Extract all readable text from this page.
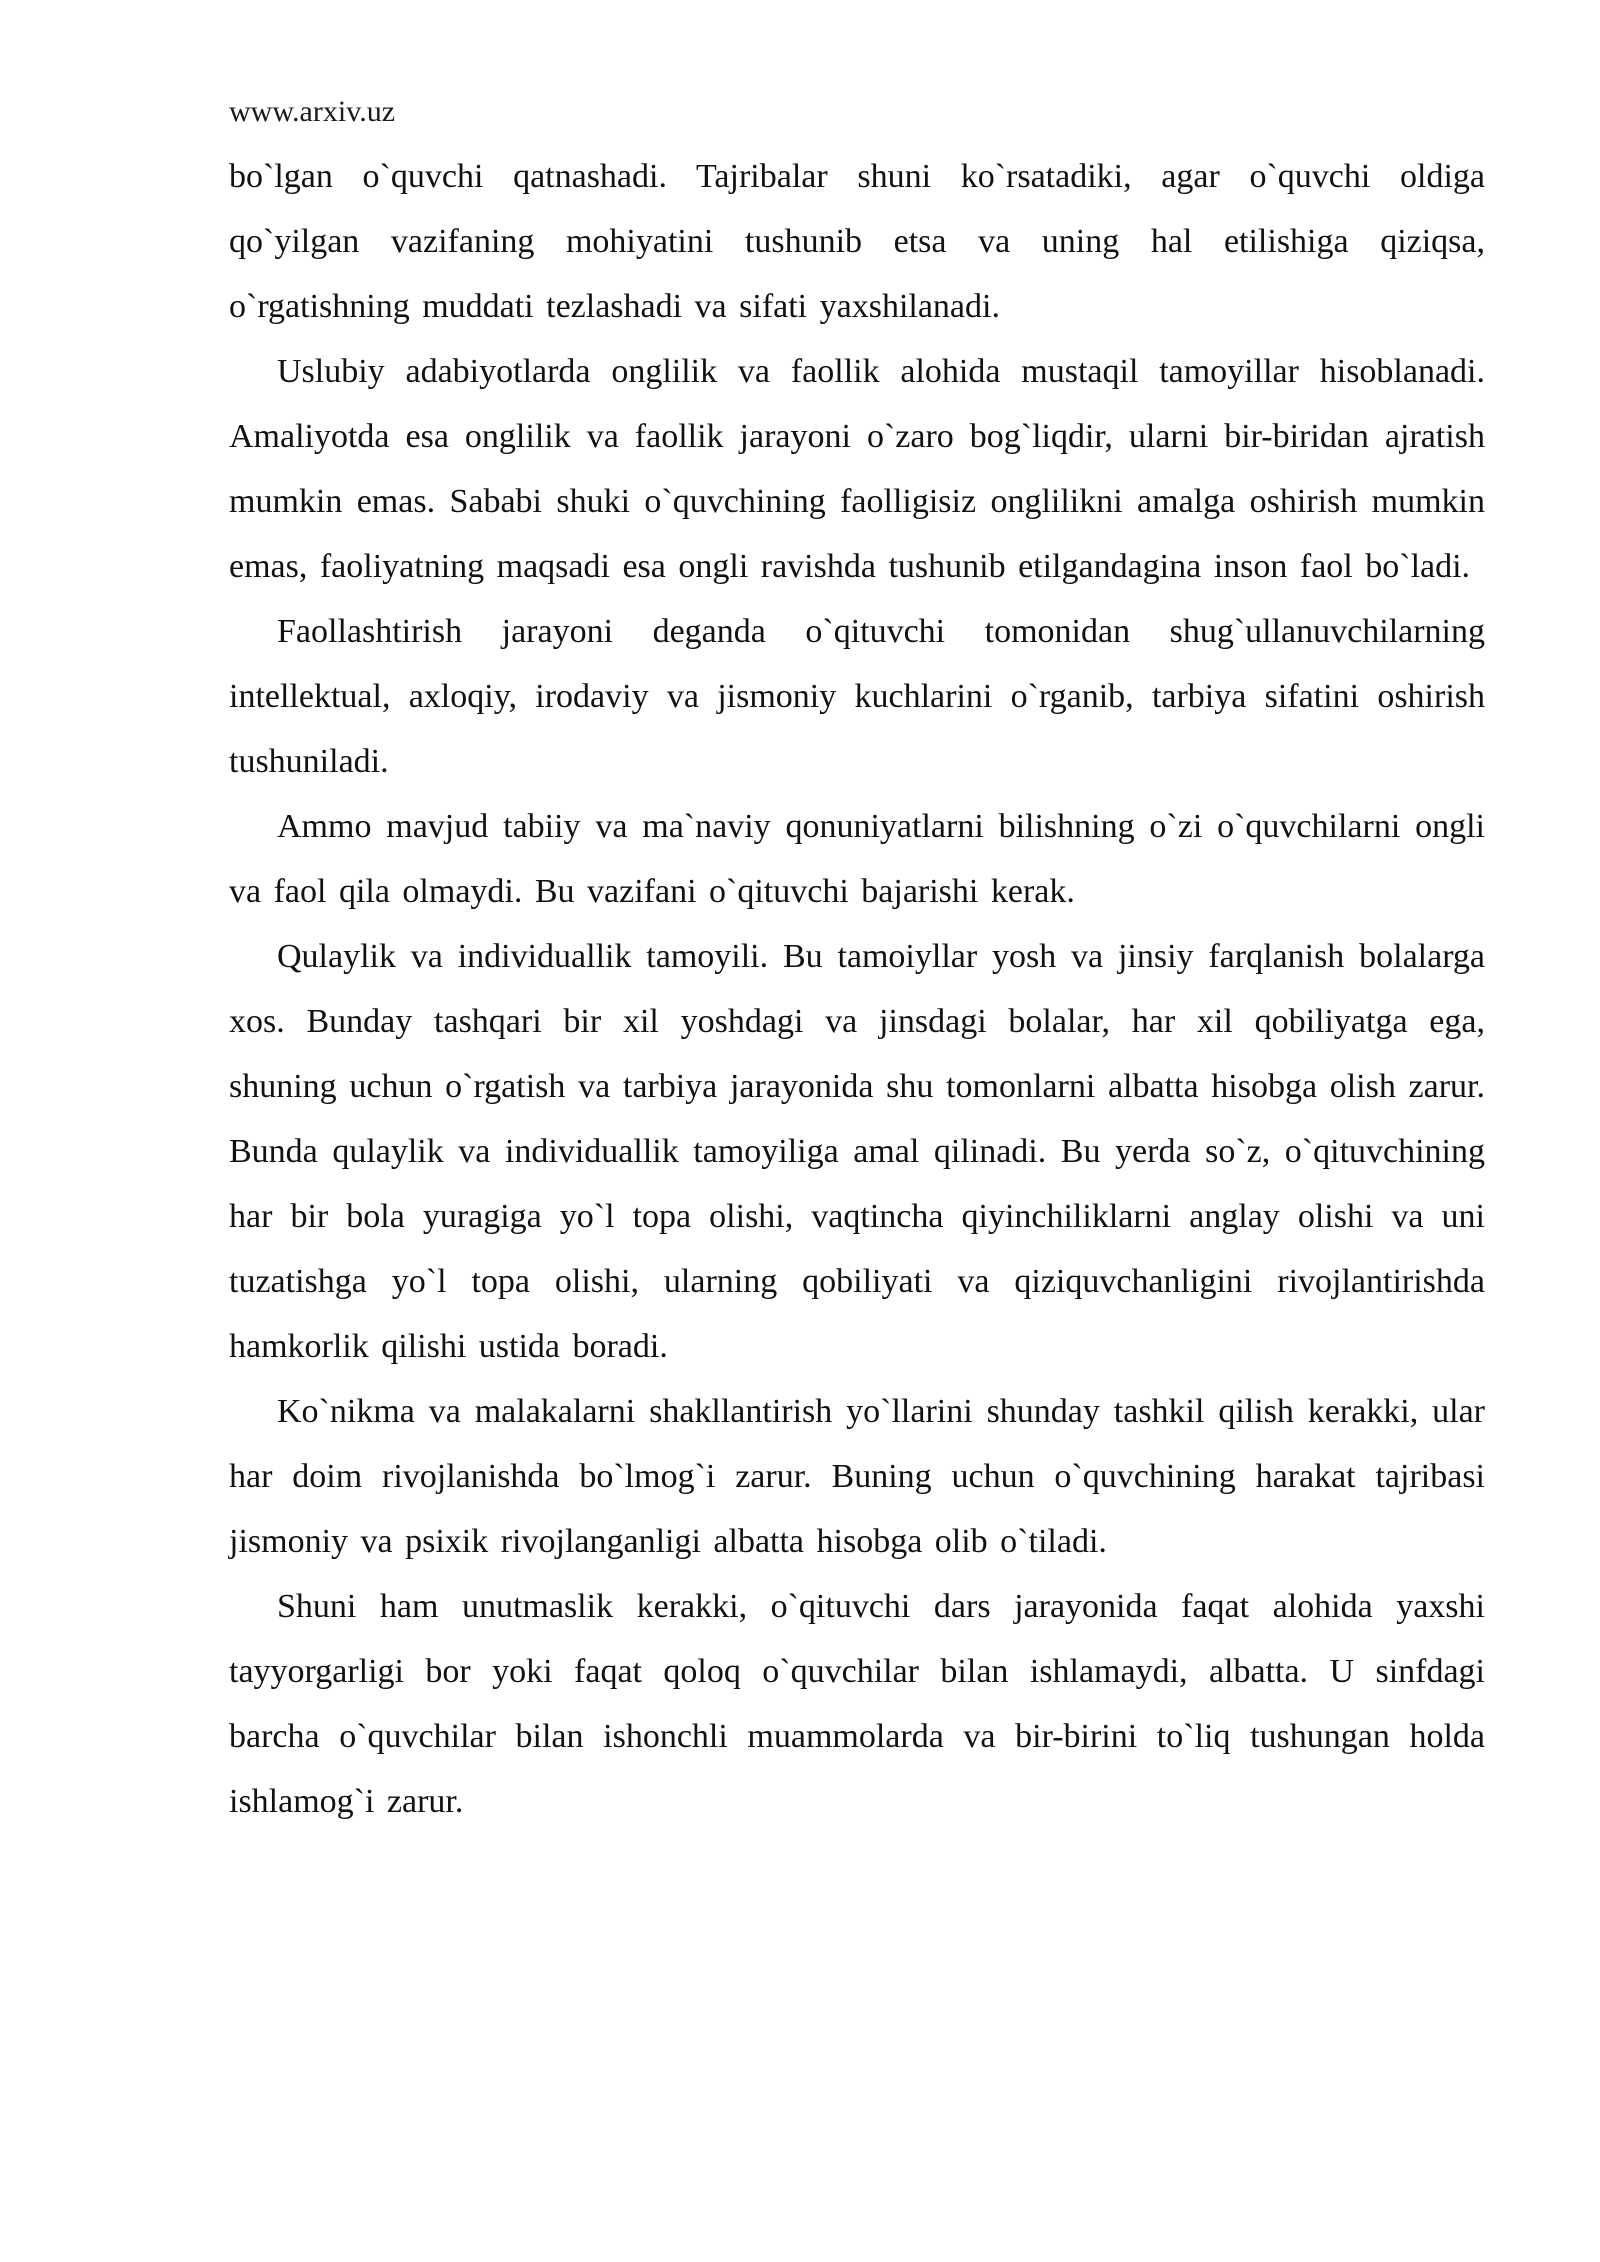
www.arxiv.uz

bo`lgan o`quvchi qatnashadi. Tajribalar shuni ko`rsatadiki, agar o`quvchi oldiga qo`yilgan vazifaning mohiyatini tushunib etsa va uning hal etilishiga qiziqsa, o`rgatishning muddati tezlashadi va sifati yaxshilanadi.

Uslubiy adabiyotlarda onglilik va faollik alohida mustaqil tamoyillar hisoblanadi. Amaliyotda esa onglilik va faollik jarayoni o`zaro bog`liqdir, ularni bir-biridan ajratish mumkin emas. Sababi shuki o`quvchining faolligisiz onglilikni amalga oshirish mumkin emas, faoliyatning maqsadi esa ongli ravishda tushunib etilgandagina inson faol bo`ladi.

Faollashtirish jarayoni deganda o`qituvchi tomonidan shug`ullanuvchilarning intellektual, axloqiy, irodaviy va jismoniy kuchlarini o`rganib, tarbiya sifatini oshirish tushuniladi.

Ammo mavjud tabiiy va ma`naviy qonuniyatlarni bilishning o`zi o`quvchilarni ongli va faol qila olmaydi. Bu vazifani o`qituvchi bajarishi kerak.

Qulaylik va individuallik tamoyili. Bu tamoiyllar yosh va jinsiy farqlanish bolalarga xos. Bunday tashqari bir xil yoshdagi va jinsdagi bolalar, har xil qobiliyatga ega, shuning uchun o`rgatish va tarbiya jarayonida shu tomonlarni albatta hisobga olish zarur. Bunda qulaylik va individuallik tamoyiliga amal qilinadi. Bu yerda so`z, o`qituvchining har bir bola yuragiga yo`l topa olishi, vaqtincha qiyinchiliklarni anglay olishi va uni tuzatishga yo`l topa olishi, ularning qobiliyati va qiziquvchanligini rivojlantirishda hamkorlik qilishi ustida boradi.

Ko`nikma va malakalarni shakllantirish yo`llarini shunday tashkil qilish kerakki, ular har doim rivojlanishda bo`lmog`i zarur. Buning uchun o`quvchining harakat tajribasi jismoniy va psixik rivojlanganligi albatta hisobga olib o`tiladi.

Shuni ham unutmaslik kerakki, o`qituvchi dars jarayonida faqat alohida yaxshi tayyorgarligi bor yoki faqat qoloq o`quvchilar bilan ishlamaydi, albatta. U sinfdagi barcha o`quvchilar bilan ishonchli muammolarda va bir-birini to`liq tushungan holda ishlamog`i zarur.
